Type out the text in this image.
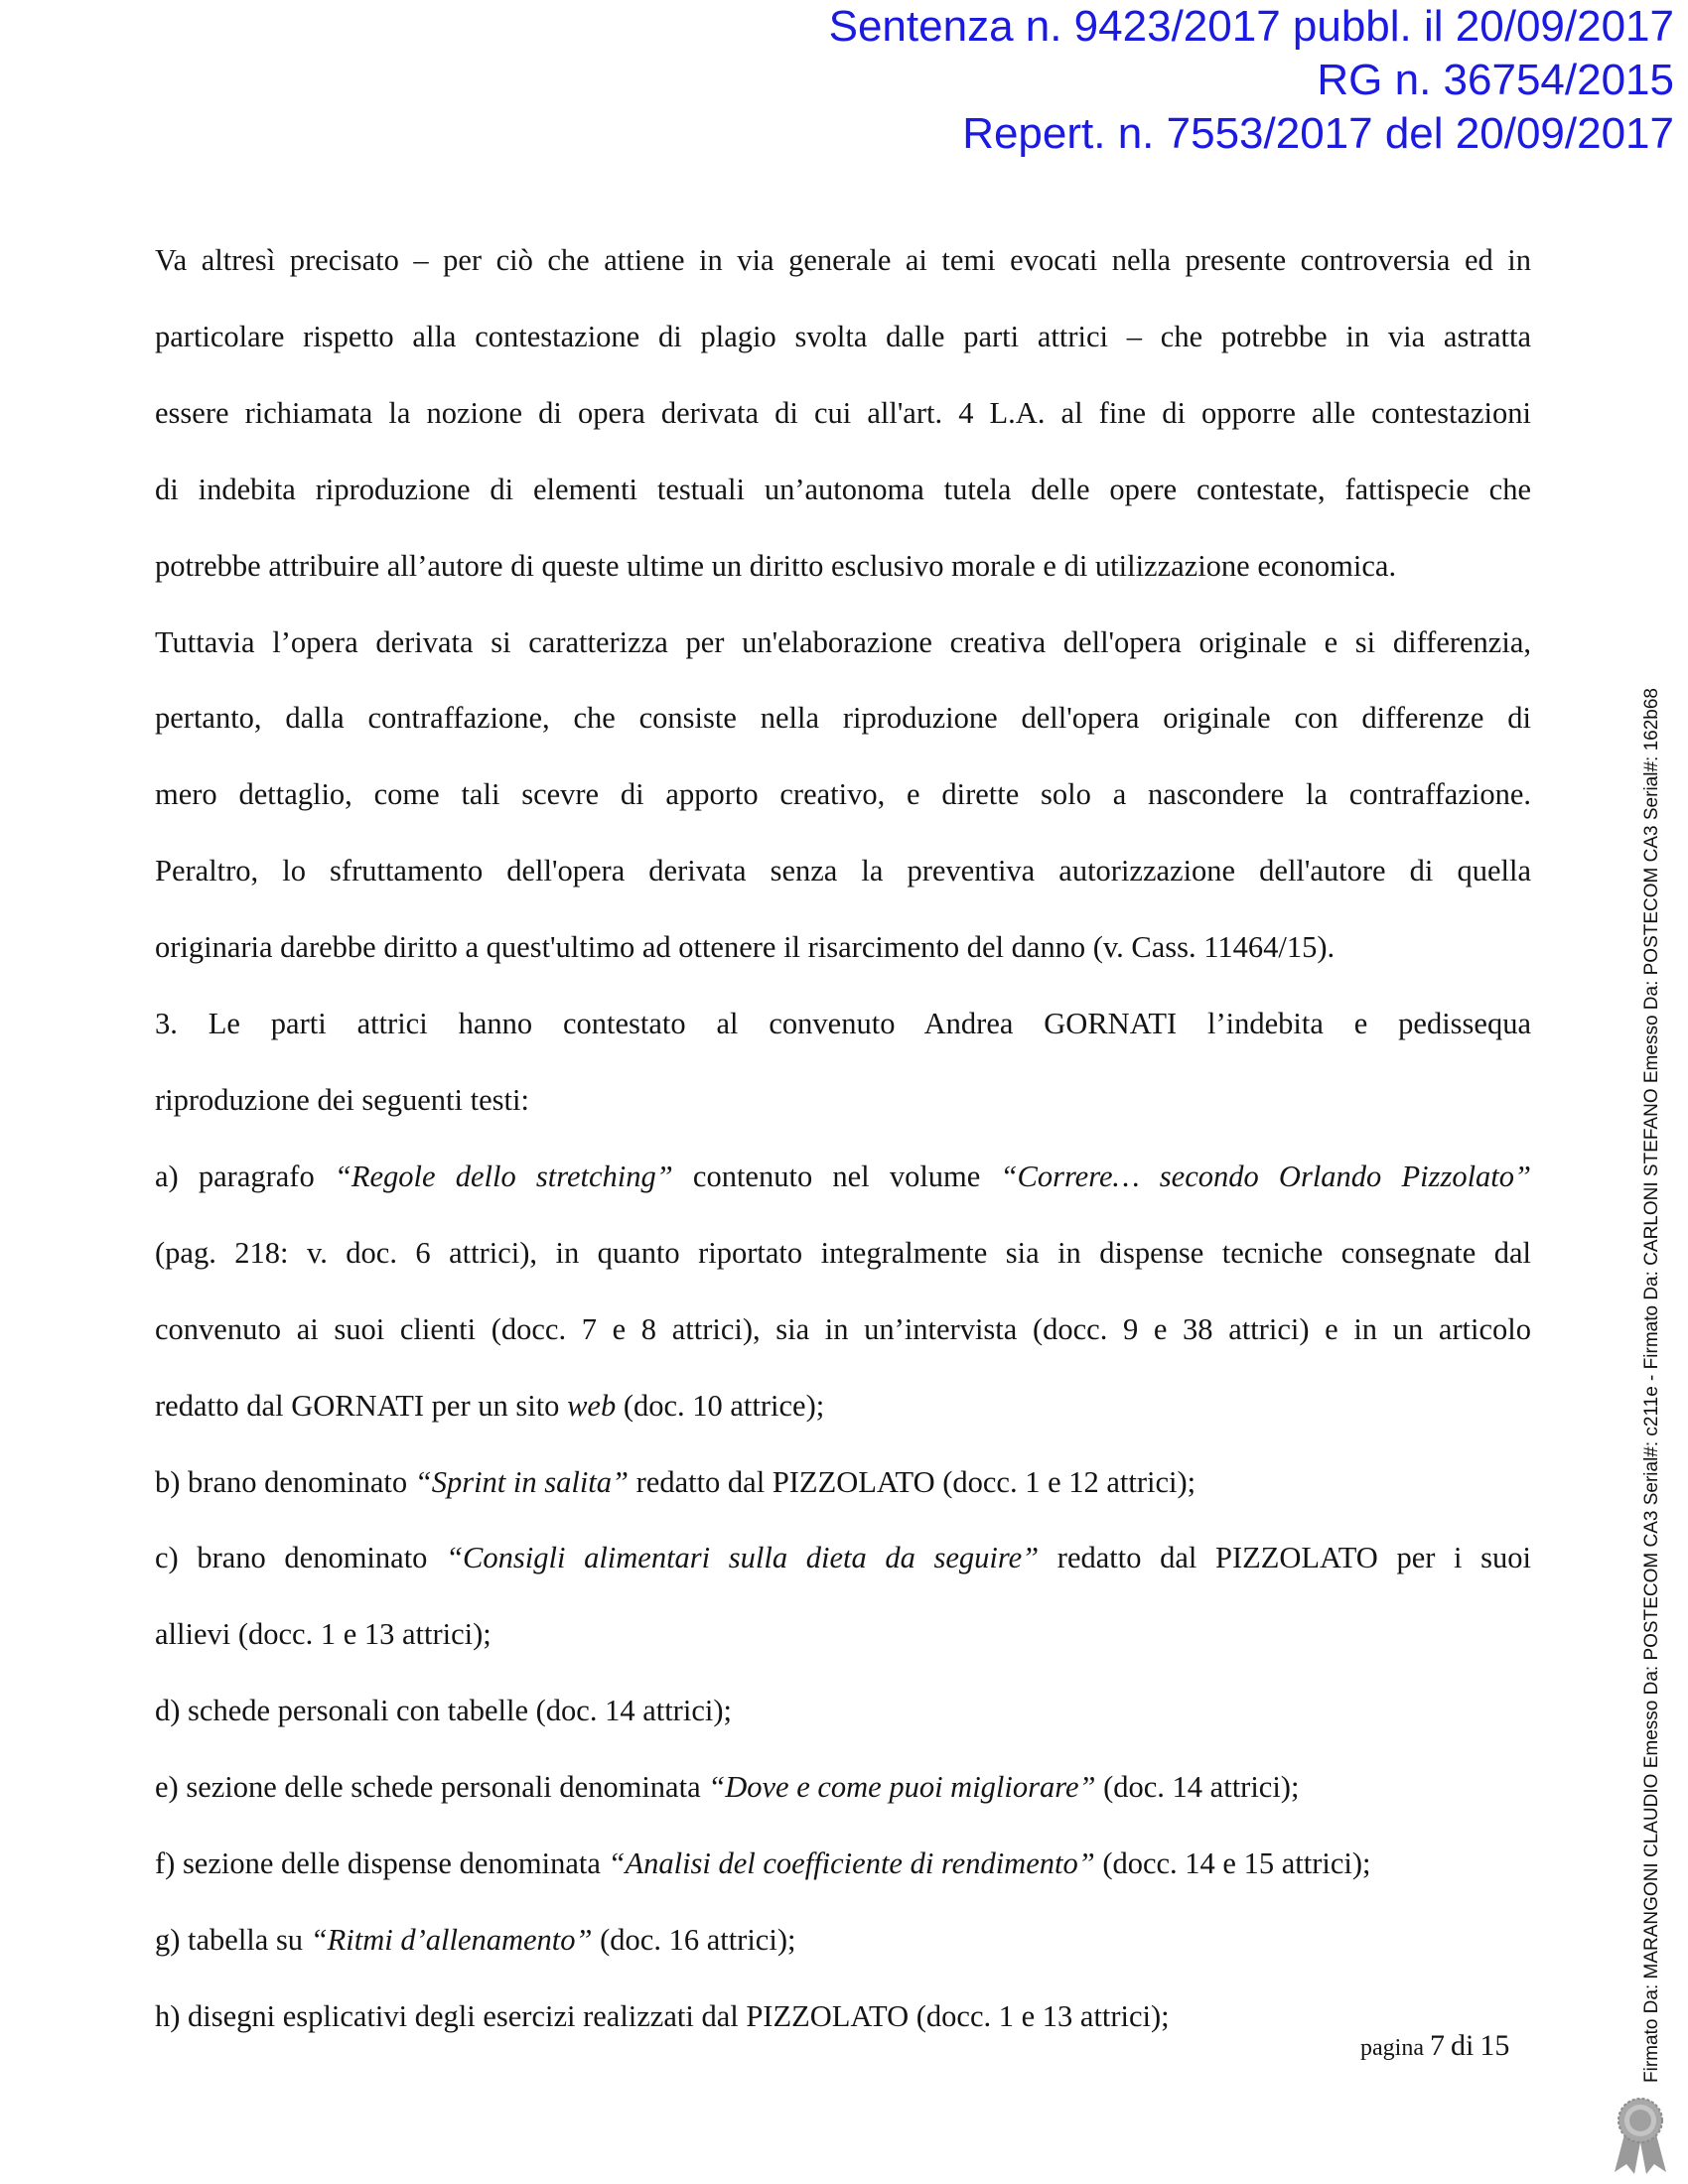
Sentenza n. 9423/2017 pubbl. il 20/09/2017
RG n. 36754/2015
Repert. n. 7553/2017 del 20/09/2017
Va altresì precisato – per ciò che attiene in via generale ai temi evocati nella presente controversia ed in
particolare rispetto alla contestazione di plagio svolta dalle parti attrici – che potrebbe in via astratta
essere richiamata la nozione di opera derivata di cui all'art. 4 L.A. al fine di opporre alle contestazioni
di indebita riproduzione di elementi testuali un’autonoma tutela delle opere contestate, fattispecie che
potrebbe attribuire all’autore di queste ultime un diritto esclusivo morale e di utilizzazione economica.
Tuttavia l’opera derivata si caratterizza per un'elaborazione creativa dell'opera originale e si differenzia,
pertanto, dalla contraffazione, che consiste nella riproduzione dell'opera originale con differenze di
mero dettaglio, come tali scevre di apporto creativo, e dirette solo a nascondere la contraffazione.
Peraltro, lo sfruttamento dell'opera derivata senza la preventiva autorizzazione dell'autore di quella
originaria darebbe diritto a quest'ultimo ad ottenere il risarcimento del danno (v. Cass. 11464/15).
3. Le parti attrici hanno contestato al convenuto Andrea GORNATI l’indebita e pedissequa
riproduzione dei seguenti testi:
a) paragrafo “Regole dello stretching” contenuto nel volume “Correre… secondo Orlando Pizzolato”
(pag. 218: v. doc. 6 attrici), in quanto riportato integralmente sia in dispense tecniche consegnate dal
convenuto ai suoi clienti (docc. 7 e 8 attrici), sia in un’intervista (docc. 9 e 38 attrici) e in un articolo
redatto dal GORNATI per un sito web (doc. 10 attrice);
b) brano denominato “Sprint in salita” redatto dal PIZZOLATO (docc. 1 e 12 attrici);
c) brano denominato “Consigli alimentari sulla dieta da seguire” redatto dal PIZZOLATO per i suoi
allievi (docc. 1 e 13 attrici);
d) schede personali con tabelle (doc. 14 attrici);
e) sezione delle schede personali denominata “Dove e come puoi migliorare” (doc. 14 attrici);
f) sezione delle dispense denominata “Analisi del coefficiente di rendimento” (docc. 14 e 15 attrici);
g) tabella su “Ritmi d’allenamento” (doc. 16 attrici);
h) disegni esplicativi degli esercizi realizzati dal PIZZOLATO (docc. 1 e 13 attrici);
pagina 7 di 15	Firmato Da: MARANGONI CLAUDIO Emesso Da: POSTECOM CA3 Serial#: c211e - Firmato Da: CARLONI STEFANO Emesso Da: POSTECOM CA3 Serial#: 162b68
